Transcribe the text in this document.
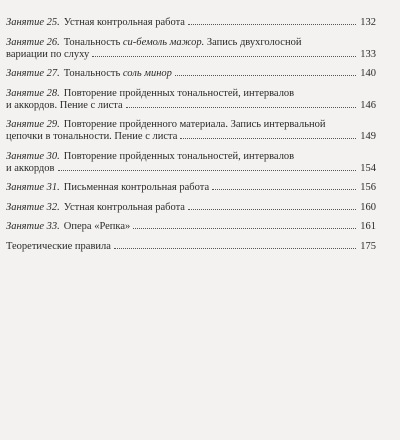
Занятие 25. Устная контрольная работа	132
Занятие 26. Тональность си-бемоль мажор. Запись двухголосной
вариации по слуху	133
Занятие 27. Тональность соль минор	140
Занятие 28. Повторение пройденных тональностей, интервалов
и аккордов. Пение с листа	146
Занятие 29. Повторение пройденного материала. Запись интервальной
цепочки в тональности. Пение с листа	149
Занятие 30. Повторение пройденных тональностей, интервалов
и аккордов	154
Занятие 31. Письменная контрольная работа	156
Занятие 32. Устная контрольная работа	160
Занятие 33. Опера «Репка»	161
Теоретические правила	175
